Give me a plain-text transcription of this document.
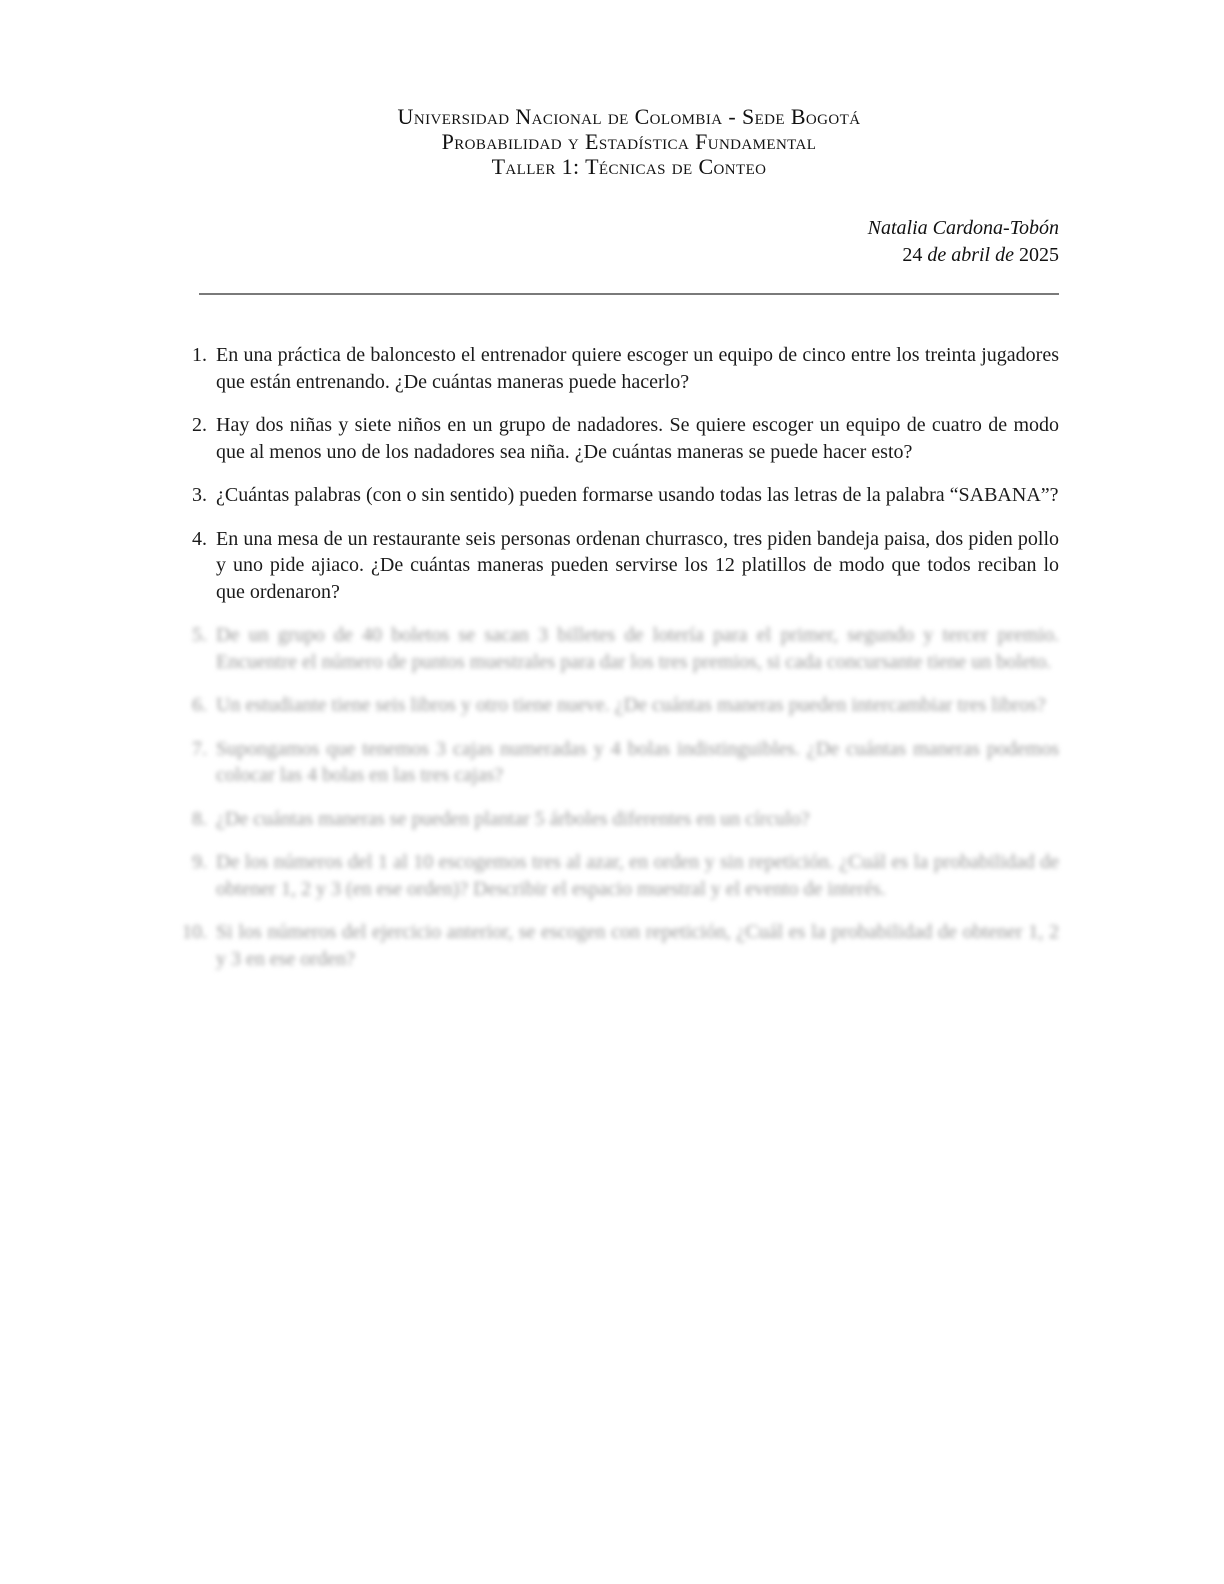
Universidad Nacional de Colombia - Sede Bogotá
Probabilidad y Estadística Fundamental
Taller 1: Técnicas de Conteo
Natalia Cardona-Tobón
24 de abril de 2025
1. En una práctica de baloncesto el entrenador quiere escoger un equipo de cinco entre los treinta jugadores que están entrenando. ¿De cuántas maneras puede hacerlo?
2. Hay dos niñas y siete niños en un grupo de nadadores. Se quiere escoger un equipo de cuatro de modo que al menos uno de los nadadores sea niña. ¿De cuántas maneras se puede hacer esto?
3. ¿Cuántas palabras (con o sin sentido) pueden formarse usando todas las letras de la palabra “SABANA”?
4. En una mesa de un restaurante seis personas ordenan churrasco, tres piden bandeja paisa, dos piden pollo y uno pide ajiaco. ¿De cuántas maneras pueden servirse los 12 platillos de modo que todos reciban lo que ordenaron?
5. De un grupo de 40 boletos se sacan 3 billetes de lotería para el primer, segundo y tercer premio. Encuentre el número de puntos muestrales para dar los tres premios, si cada concursante tiene un boleto.
6. Un estudiante tiene seis libros y otro tiene nueve. ¿De cuántas maneras pueden intercambiar tres libros?
7. Supongamos que tenemos 3 cajas numeradas y 4 bolas indistinguibles. ¿De cuántas maneras podemos colocar las 4 bolas en las tres cajas?
8. ¿De cuántas maneras se pueden plantar 5 árboles diferentes en un círculo?
9. De los números del 1 al 10 escogemos tres al azar, en orden y sin repetición. ¿Cuál es la probabilidad de obtener 1, 2 y 3 (en ese orden)? Describir el espacio muestral y el evento de interés.
10. Si los números del ejercicio anterior, se escogen con repetición, ¿Cuál es la probabilidad de obtener 1, 2 y 3 en ese orden?
